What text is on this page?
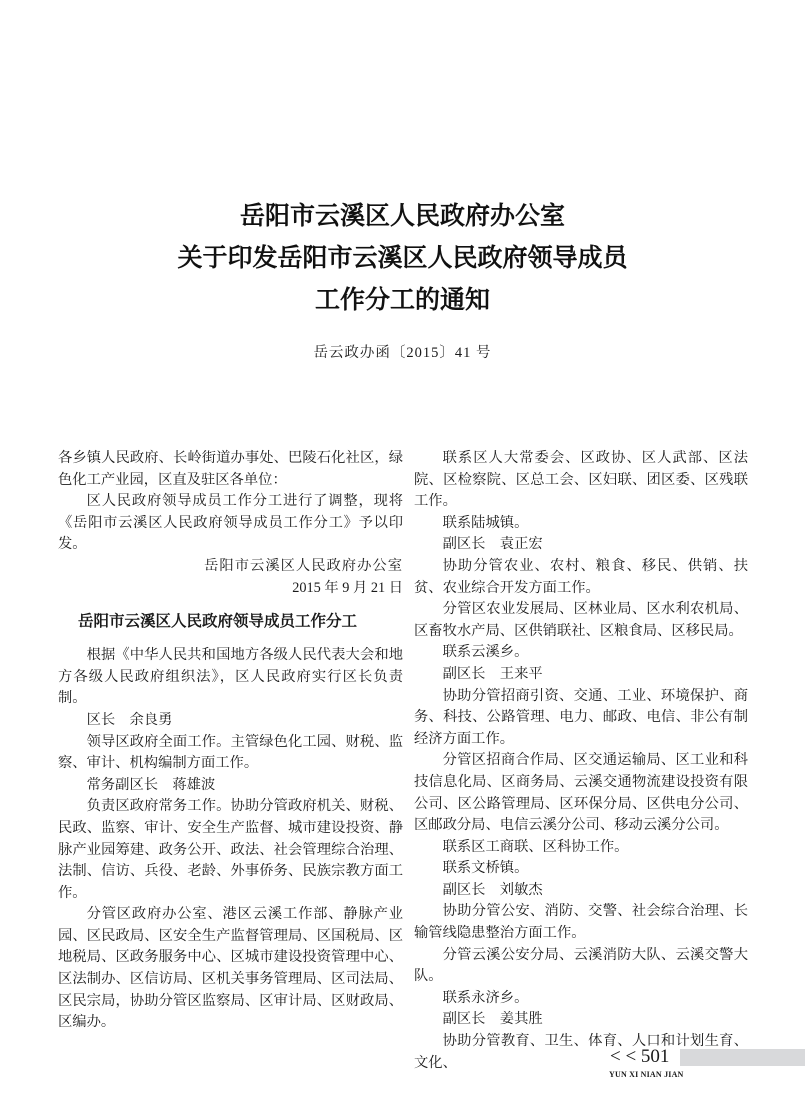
岳阳市云溪区人民政府办公室
关于印发岳阳市云溪区人民政府领导成员
工作分工的通知
岳云政办函〔2015〕41 号

各乡镇人民政府、长岭街道办事处、巴陵石化社区，绿色化工产业园，区直及驻区各单位：

区人民政府领导成员工作分工进行了调整，现将《岳阳市云溪区人民政府领导成员工作分工》予以印发。

岳阳市云溪区人民政府办公室

2015 年 9 月 21 日

岳阳市云溪区人民政府领导成员工作分工

根据《中华人民共和国地方各级人民代表大会和地方各级人民政府组织法》，区人民政府实行区长负责制。

区长　余良勇

领导区政府全面工作。主管绿色化工园、财税、监察、审计、机构编制方面工作。

常务副区长　蒋雄波

负责区政府常务工作。协助分管政府机关、财税、民政、监察、审计、安全生产监督、城市建设投资、静脉产业园筹建、政务公开、政法、社会管理综合治理、法制、信访、兵役、老龄、外事侨务、民族宗教方面工作。

分管区政府办公室、港区云溪工作部、静脉产业园、区民政局、区安全生产监督管理局、区国税局、区地税局、区政务服务中心、区城市建设投资管理中心、区法制办、区信访局、区机关事务管理局、区司法局、区民宗局，协助分管区监察局、区审计局、区财政局、区编办。

联系区人大常委会、区政协、区人武部、区法院、区检察院、区总工会、区妇联、团区委、区残联工作。

联系陆城镇。

副区长　袁正宏

协助分管农业、农村、粮食、移民、供销、扶贫、农业综合开发方面工作。

分管区农业发展局、区林业局、区水利农机局、区畜牧水产局、区供销联社、区粮食局、区移民局。

联系云溪乡。

副区长　王来平

协助分管招商引资、交通、工业、环境保护、商务、科技、公路管理、电力、邮政、电信、非公有制经济方面工作。

分管区招商合作局、区交通运输局、区工业和科技信息化局、区商务局、云溪交通物流建设投资有限公司、区公路管理局、区环保分局、区供电分公司、区邮政分局、电信云溪分公司、移动云溪分公司。

联系区工商联、区科协工作。

联系文桥镇。

副区长　刘敏杰

协助分管公安、消防、交警、社会综合治理、长输管线隐患整治方面工作。

分管云溪公安分局、云溪消防大队、云溪交警大队。

联系永济乡。

副区长　姜其胜

协助分管教育、卫生、体育、人口和计划生育、文化、	< < 501
YUN XI NIAN JIAN
